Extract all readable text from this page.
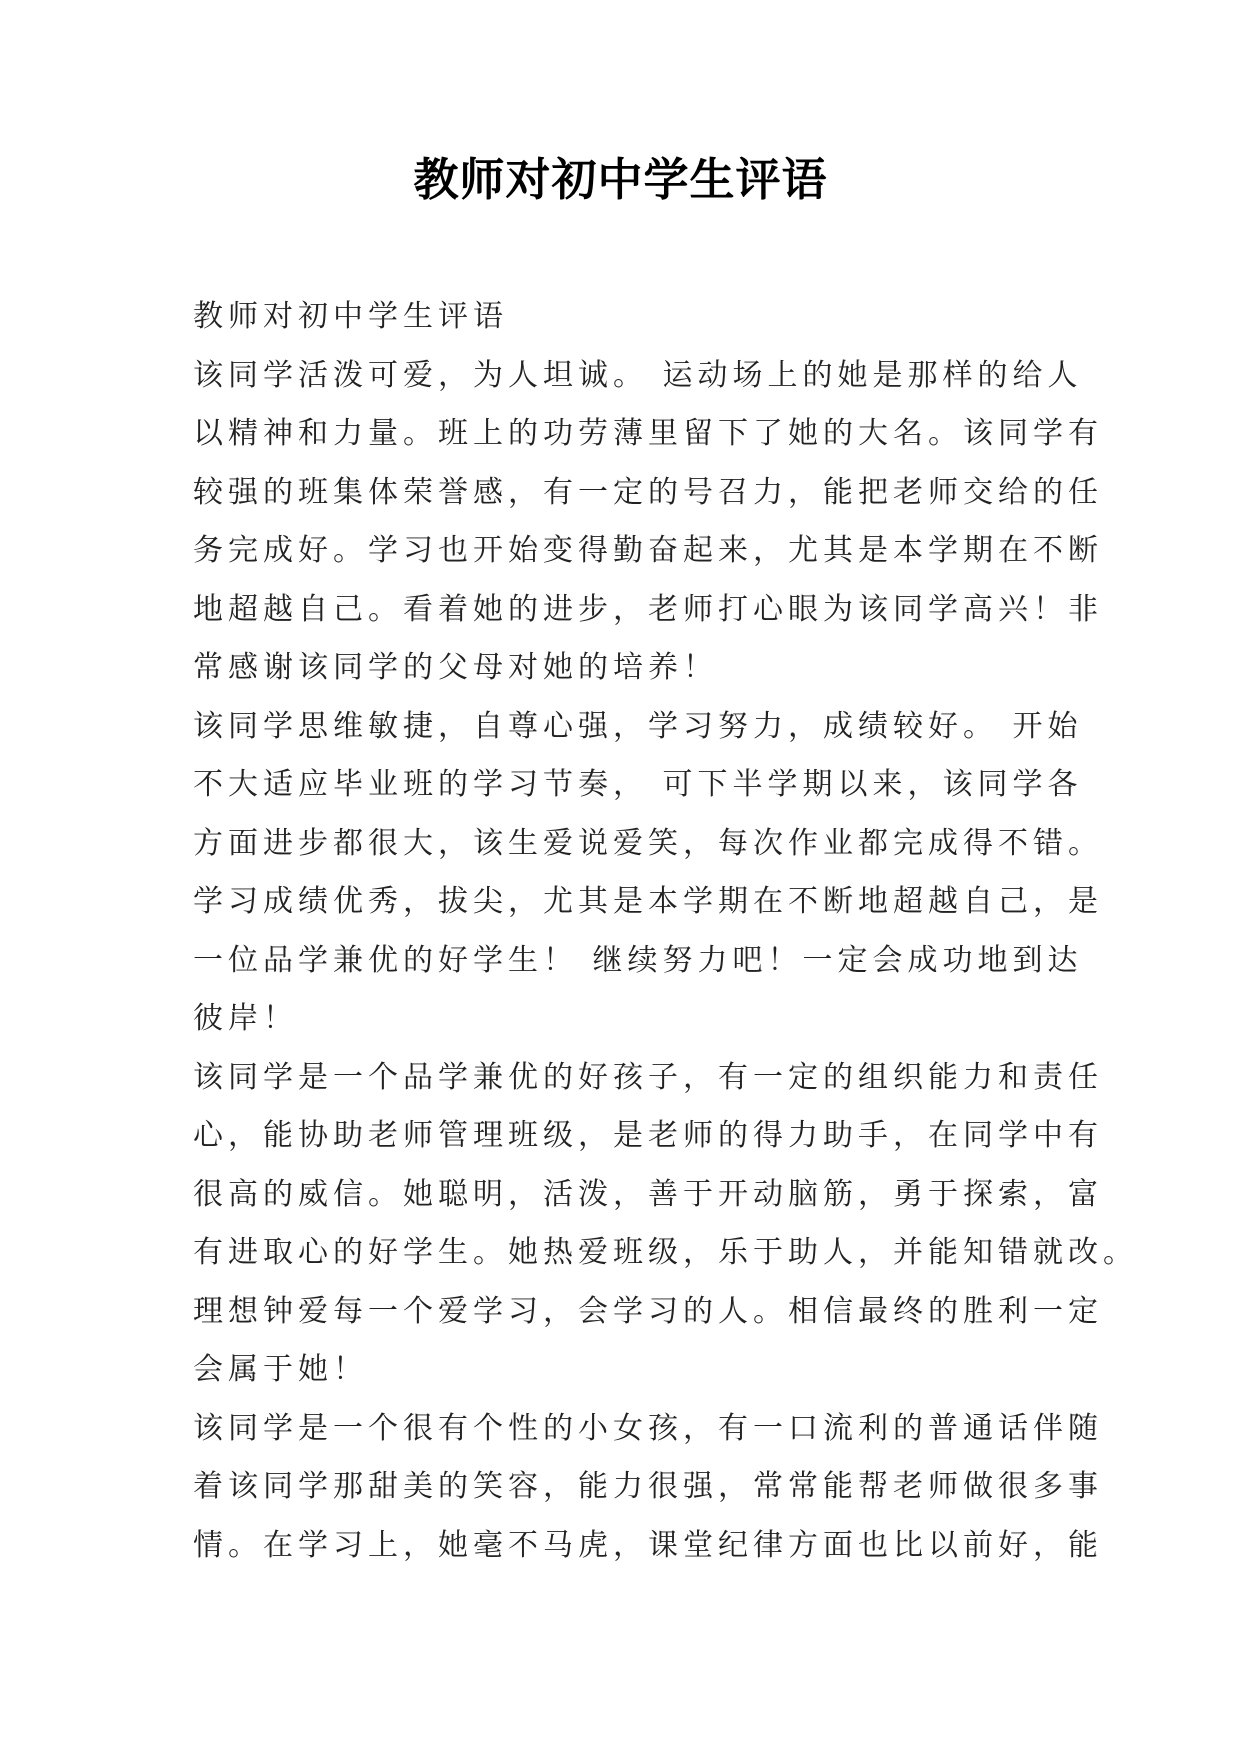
教师对初中学生评语
教师对初中学生评语
该同学活泼可爱，为人坦诚。 运动场上的她是那样的给人
以精神和力量。班上的功劳薄里留下了她的大名。该同学有
较强的班集体荣誉感，有一定的号召力，能把老师交给的任
务完成好。学习也开始变得勤奋起来，尤其是本学期在不断
地超越自己。看着她的进步，老师打心眼为该同学高兴！非
常感谢该同学的父母对她的培养！
该同学思维敏捷，自尊心强，学习努力，成绩较好。 开始
不大适应毕业班的学习节奏， 可下半学期以来，该同学各
方面进步都很大，该生爱说爱笑，每次作业都完成得不错。
学习成绩优秀，拔尖，尤其是本学期在不断地超越自己，是
一位品学兼优的好学生！ 继续努力吧！一定会成功地到达
彼岸！
该同学是一个品学兼优的好孩子，有一定的组织能力和责任
心，能协助老师管理班级，是老师的得力助手，在同学中有
很高的威信。她聪明，活泼，善于开动脑筋，勇于探索，富
有进取心的好学生。她热爱班级，乐于助人，并能知错就改。
理想钟爱每一个爱学习，会学习的人。相信最终的胜利一定
会属于她！
该同学是一个很有个性的小女孩，有一口流利的普通话伴随
着该同学那甜美的笑容，能力很强，常常能帮老师做很多事
情。在学习上，她毫不马虎，课堂纪律方面也比以前好，能
